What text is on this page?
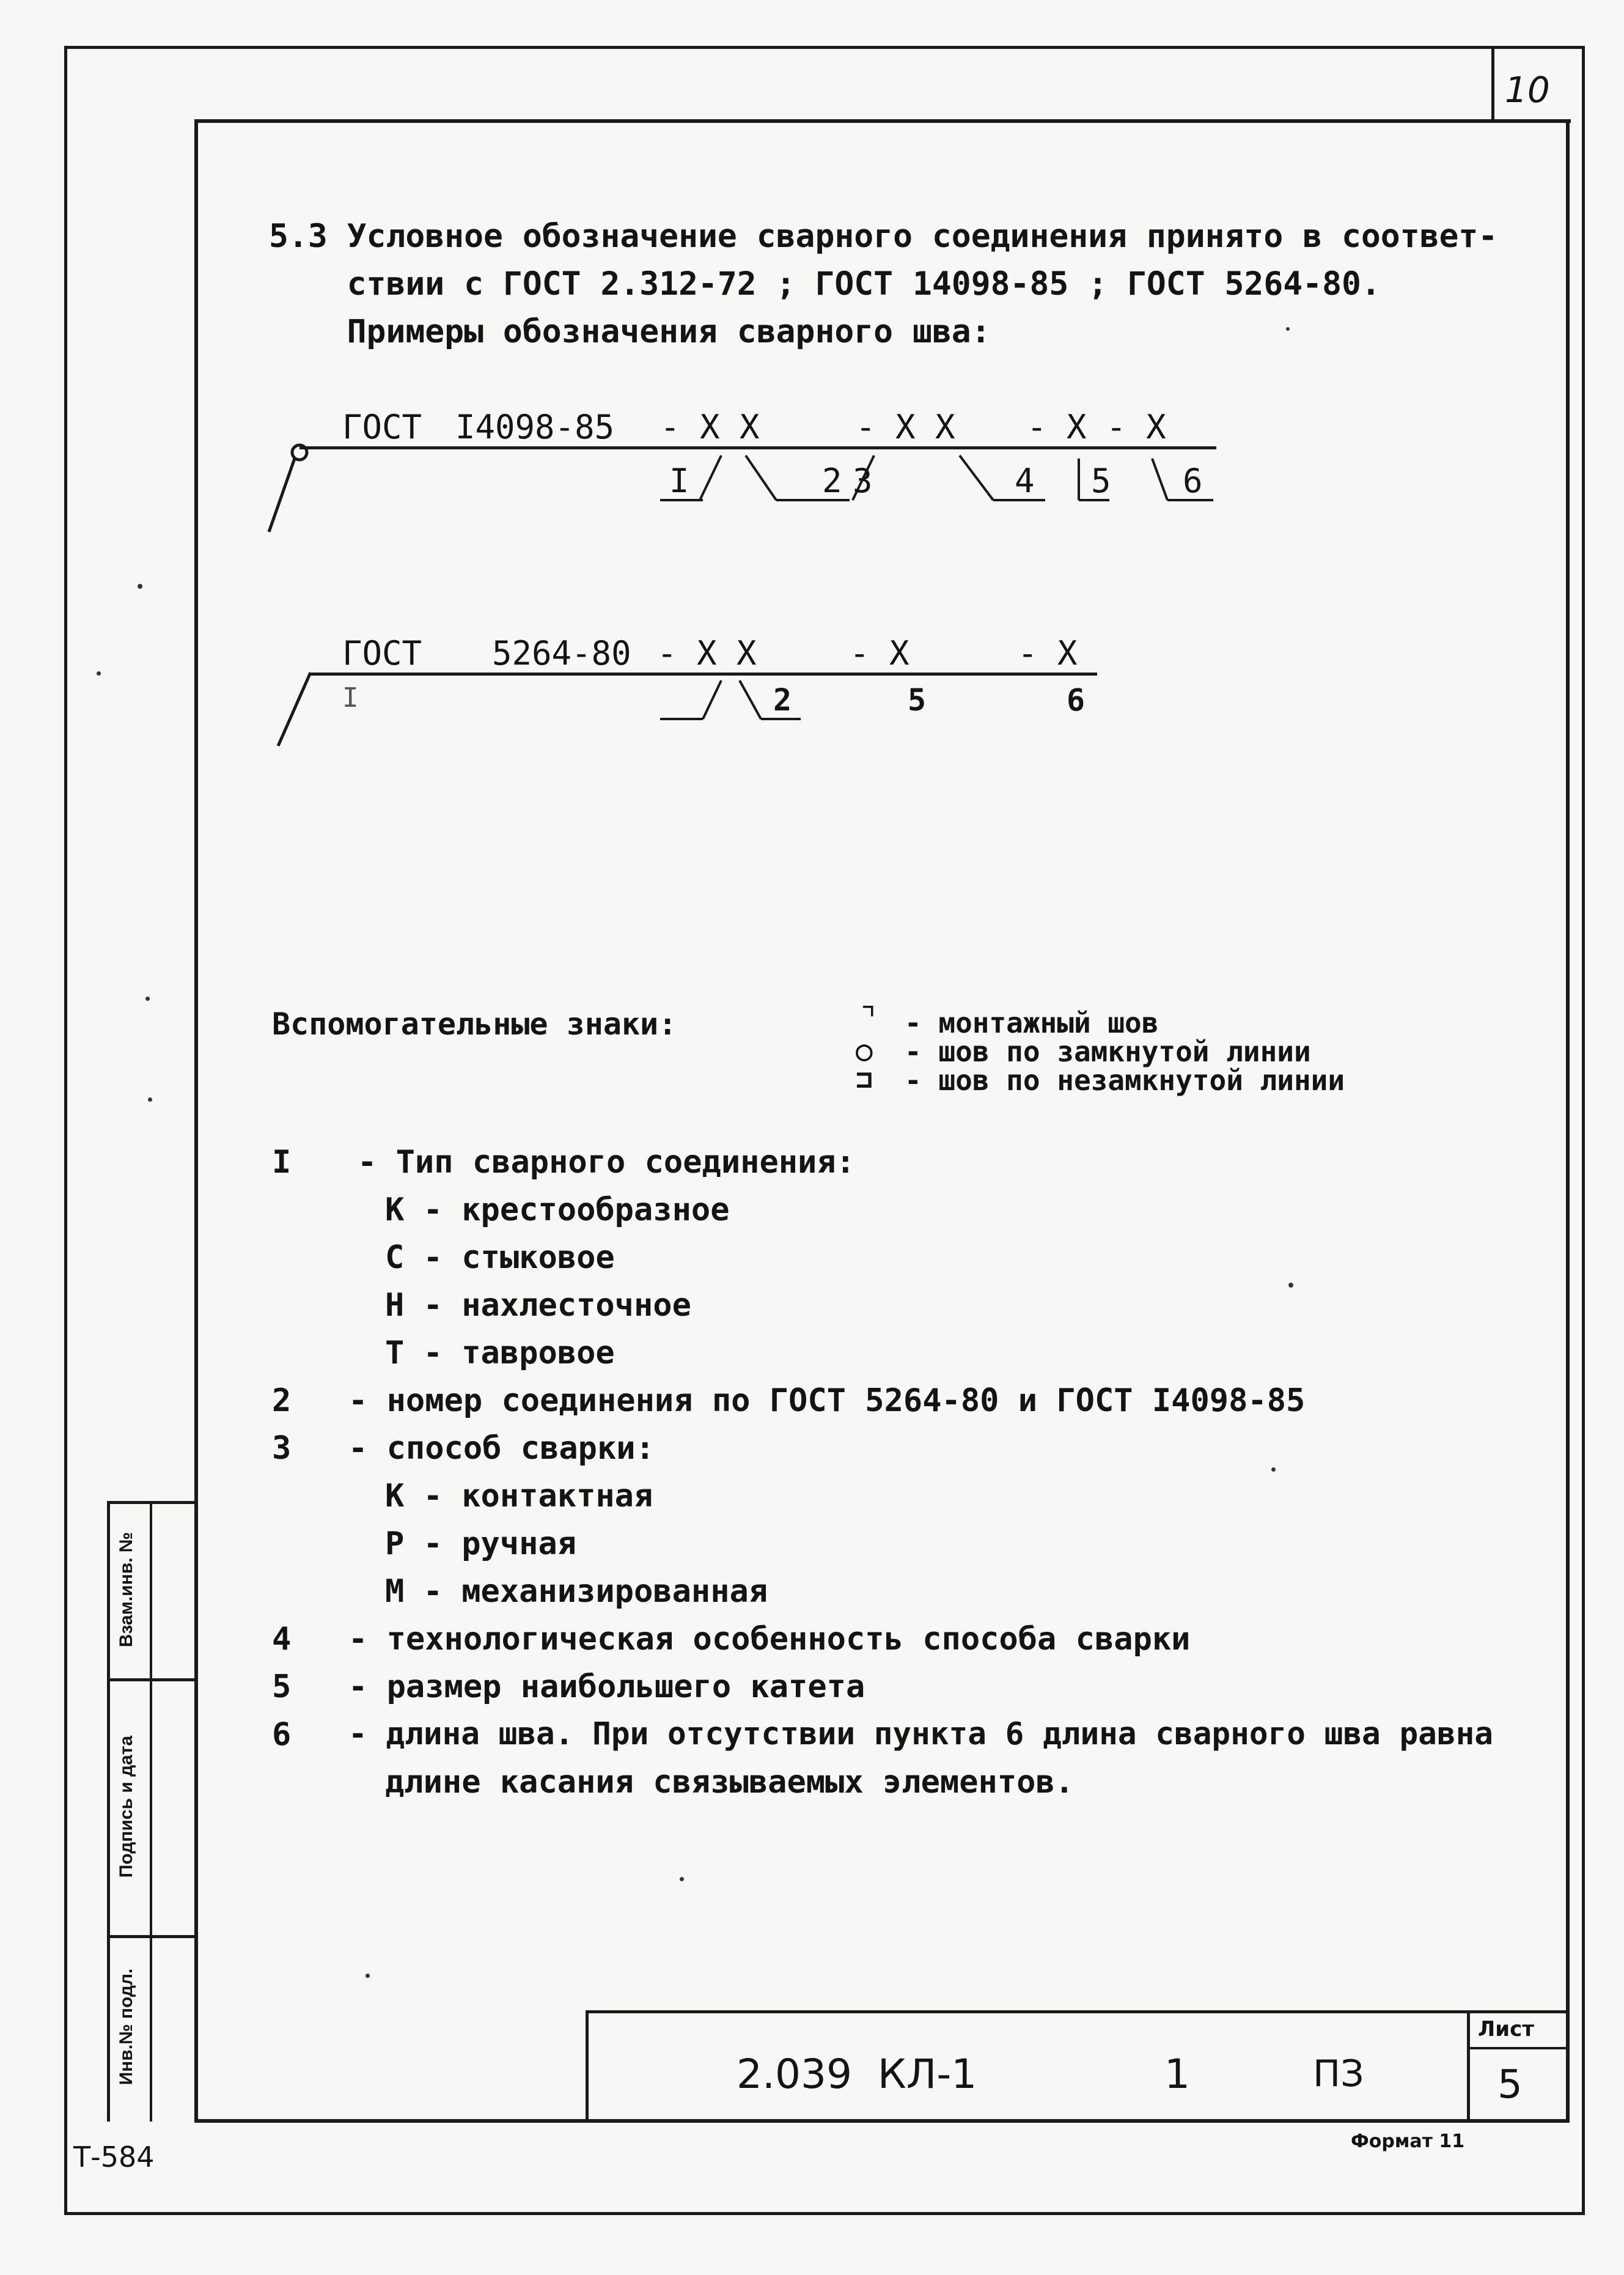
10
5.3 Условное обозначение сварного соединения принято в соответ-
ствии с ГОСТ 2.312-72 ; ГОСТ 14098-85 ; ГОСТ 5264-80.
Примеры обозначения сварного шва:
ГОСТ I4098-85 - X X	- X X - X - X
I	2 3	4 5 6
ГОСТ 5264-80 - X X	- X	- X
I	2	5	6
Вспомогательные знаки:	⌝ - монтажный шов
○ - шов по замкнутой линии
⊐ - шов по незамкнутой линии
I - Тип сварного соединения:
К - крестообразное
С - стыковое
Н - нахлесточное
Т - тавровое
2 - номер соединения по ГОСТ 5264-80 и ГОСТ I4098-85
3 - способ сварки:
К - контактная
Р - ручная
М - механизированная
4 - технологическая особенность способа сварки
5 - размер наибольшего катета
6 - длина шва. При отсутствии пункта 6 длина сварного шва равна
длине касания связываемых элементов.
Взам.инв. №
Подпись и дата
Инв.№ подл.	2.039  КЛ-1	1	ПЗ
Лист
5
Т-584	Формат 11
